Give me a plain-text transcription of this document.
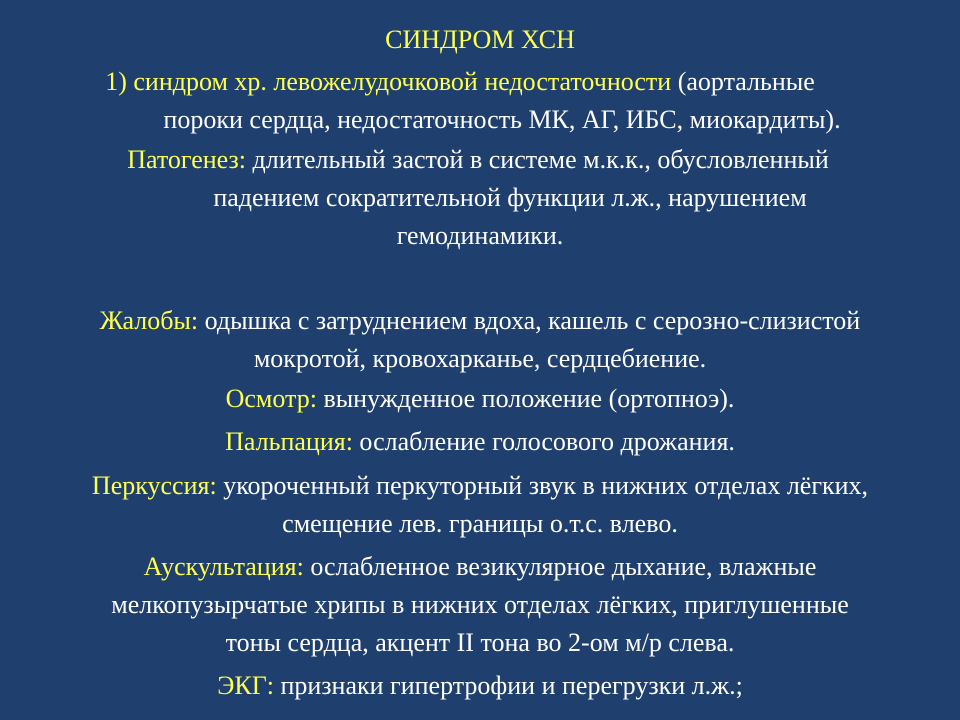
СИНДРОМ ХСН
1) синдром хр. левожелудочковой недостаточности (аортальные
пороки сердца, недостаточность МК, АГ, ИБС, миокардиты).
Патогенез: длительный застой в системе м.к.к., обусловленный
падением сократительной функции л.ж., нарушением
гемодинамики.
Жалобы: одышка с затруднением вдоха, кашель с серозно-слизистой
мокротой, кровохарканье, сердцебиение.
Осмотр: вынужденное положение (ортопноэ).
Пальпация: ослабление голосового дрожания.
Перкуссия: укороченный перкуторный звук в нижних отделах лёгких,
смещение лев. границы о.т.с. влево.
Аускультация: ослабленное везикулярное дыхание, влажные
мелкопузырчатые хрипы в нижних отделах лёгких, приглушенные
тоны сердца, акцент II тона во 2-ом м/р слева.
ЭКГ: признаки гипертрофии и перегрузки л.ж.;
